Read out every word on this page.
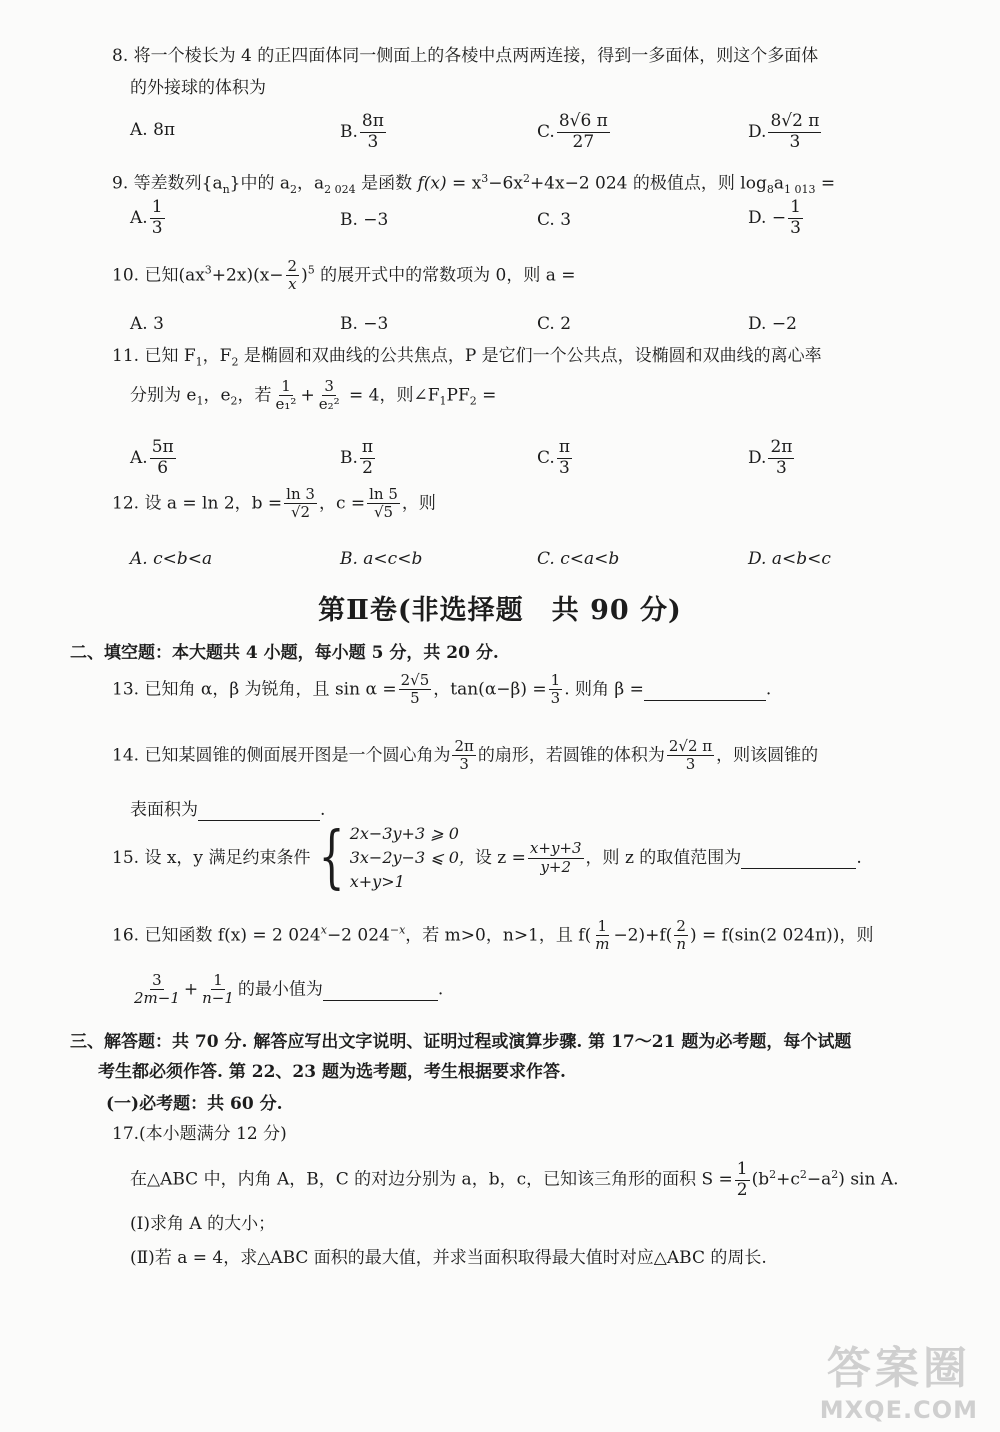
8. 将一个棱长为 4 的正四面体同一侧面上的各棱中点两两连接，得到一多面体，则这个多面体
的外接球的体积为
A. 8π	B. $\frac{8\pi}{3}$	C. $\frac{8√6 \pi}{27}$	D. $\frac{8√2 \pi}{3}$
9. 等差数列$\{a_n\}$中的 $a_2$，$a_{2 024}$ 是函数 $f(x) = x^3-6x^2+4x-2$ 024 的极值点，则 $\log_8a_{1 013}$ =
A. $\frac{1}{3}$	B. −3	C. 3	D. − $\frac{1}{3}$
10. 已知$(ax^3+2x)(x- \frac{2}{x} )^5$ 的展开式中的常数项为 0，则 a =
A. 3	B. −3	C. 2	D. −2
11. 已知 $F_1$，$F_2$ 是椭圆和双曲线的公共焦点，P 是它们一个公共点，设椭圆和双曲线的离心率
分别为 $e_1$，$e_2$，若 $\frac{1}{\text{e₁²}} + \frac{3}{\text{e₂²}} = 4$，则$\angle F_1PF_2$ =
A. $\frac{5\pi}{6}$	B. $\frac{\pi}{2}$	C. $\frac{\pi}{3}$	D. $\frac{2\pi}{3}$
12. 设 a = ln 2，$b = \frac{\ln 3}{√2}$ ，$c = \frac{\ln 5}{√5}$ ，则
A. c<b<a	B. a<c<b	C. c<a<b	D. a<b<c
第Ⅱ卷(非选择题　共 90 分)
二、填空题：本大题共 4 小题，每小题 5 分，共 20 分.
13. 已知角 α，β 为锐角，且 $\sin \alpha = \frac{2√5}{5}$ ，$\tan(\alpha-\beta) = \frac{1}{3}$ . 则角 β =	.
14. 已知某圆锥的侧面展开图是一个圆心角为 $\frac{2\pi}{3}$ 的扇形，若圆锥的体积为 $\frac{2√2 \pi}{3}$ ，则该圆锥的
表面积为	.
15. 设 x，y 满足约束条件 { 2x−3y+3 ⩾ 0
3x−2y−3 ⩽ 0，
x+y>1
设 $z = \frac{x+y+3}{y+2}$ ，则 z 的取值范围为
	.
16. 已知函数 f(x) = 2 $024^x-2$ $024^{-x}$，若 m>0，n>1，且 $f( \frac{1}{m} -2)+f( \frac{2}{n}$ ) = f(sin(2 024π))，则
$\frac{3}{2m-1} + \frac{1}{n-1}$ 的最小值为	.
三、解答题：共 70 分. 解答应写出文字说明、证明过程或演算步骤. 第 17～21 题为必考题，每个试题
考生都必须作答. 第 22、23 题为选考题，考生根据要求作答.
(一)必考题：共 60 分.
17.(本小题满分 12 分)
在△ABC 中，内角 A，B，C 的对边分别为 a，b，c，已知该三角形的面积 $S = \frac{1}{2} (b^2+c^2-a^2)$ sin A.
(Ⅰ)求角 A 的大小；
(Ⅱ)若 a = 4，求△ABC 面积的最大值，并求当面积取得最大值时对应△ABC 的周长.
答案圈
MXQE.COM
